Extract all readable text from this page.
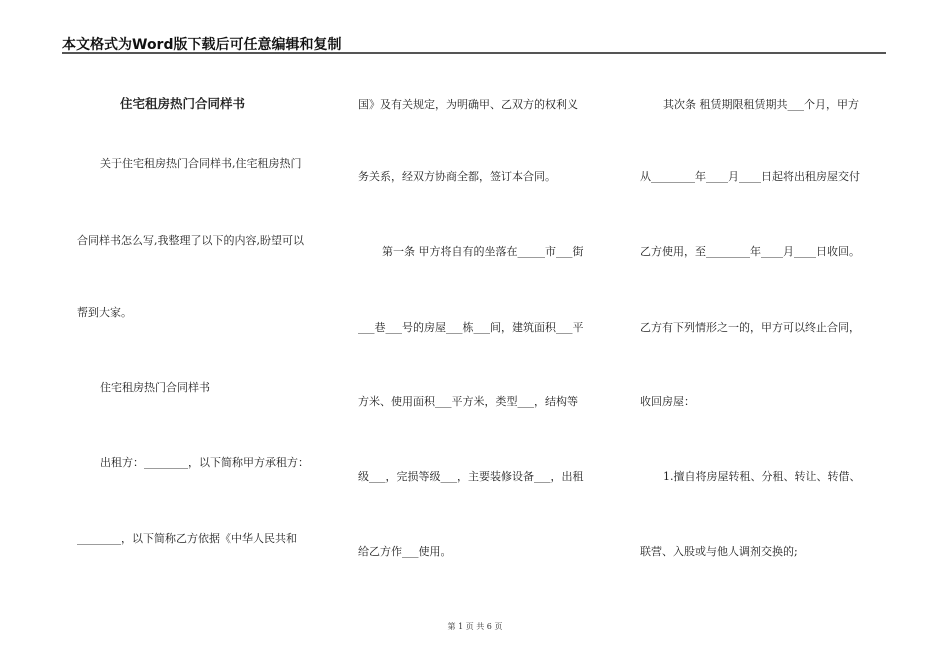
本文格式为Word版下载后可任意编辑和复制
住宅租房热门合同样书
关于住宅租房热门合同样书,住宅租房热门
合同样书怎么写,我整理了以下的内容,盼望可以
帮到大家。
住宅租房热门合同样书
出租方：________，以下简称甲方承租方：
________，以下简称乙方依据《中华人民共和
国》及有关规定，为明确甲、乙双方的权利义
务关系，经双方协商全都，签订本合同。
第一条 甲方将自有的坐落在_____市___街
___巷___号的房屋___栋___间，建筑面积___平
方米、使用面积___平方米，类型___，结构等
级___，完损等级___，主要装修设备___，出租
给乙方作___使用。
其次条 租赁期限租赁期共___个月，甲方
从________年____月____日起将出租房屋交付
乙方使用，至________年____月____日收回。
乙方有下列情形之一的，甲方可以终止合同，
收回房屋：
1.擅自将房屋转租、分租、转让、转借、
联营、入股或与他人调剂交换的;
第 1 页 共 6 页
